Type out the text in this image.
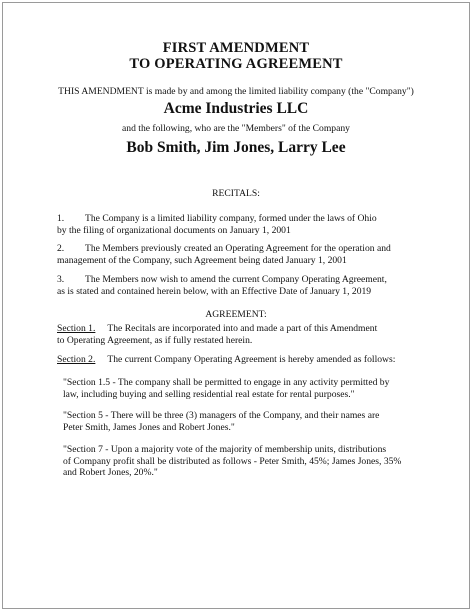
FIRST AMENDMENT
TO OPERATING AGREEMENT
THIS AMENDMENT is made by and among the limited liability company (the "Company")
Acme Industries LLC
and the following, who are the "Members" of the Company
Bob Smith, Jim Jones, Larry Lee
RECITALS:
1. The Company is a limited liability company, formed under the laws of Ohio
by the filing of organizational documents on January 1, 2001
2. The Members previously created an Operating Agreement for the operation and
management of the Company, such Agreement being dated January 1, 2001
3. The Members now wish to amend the current Company Operating Agreement,
as is stated and contained herein below, with an Effective Date of January 1, 2019
AGREEMENT:
Section 1. The Recitals are incorporated into and made a part of this Amendment
to Operating Agreement, as if fully restated herein.
Section 2. The current Company Operating Agreement is hereby amended as follows:
"Section 1.5 - The company shall be permitted to engage in any activity permitted by
law, including buying and selling residential real estate for rental purposes."
"Section 5 - There will be three (3) managers of the Company, and their names are
Peter Smith, James Jones and Robert Jones."
"Section 7 - Upon a majority vote of the majority of membership units, distributions
of Company profit shall be distributed as follows - Peter Smith, 45%; James Jones, 35%
and Robert Jones, 20%."
